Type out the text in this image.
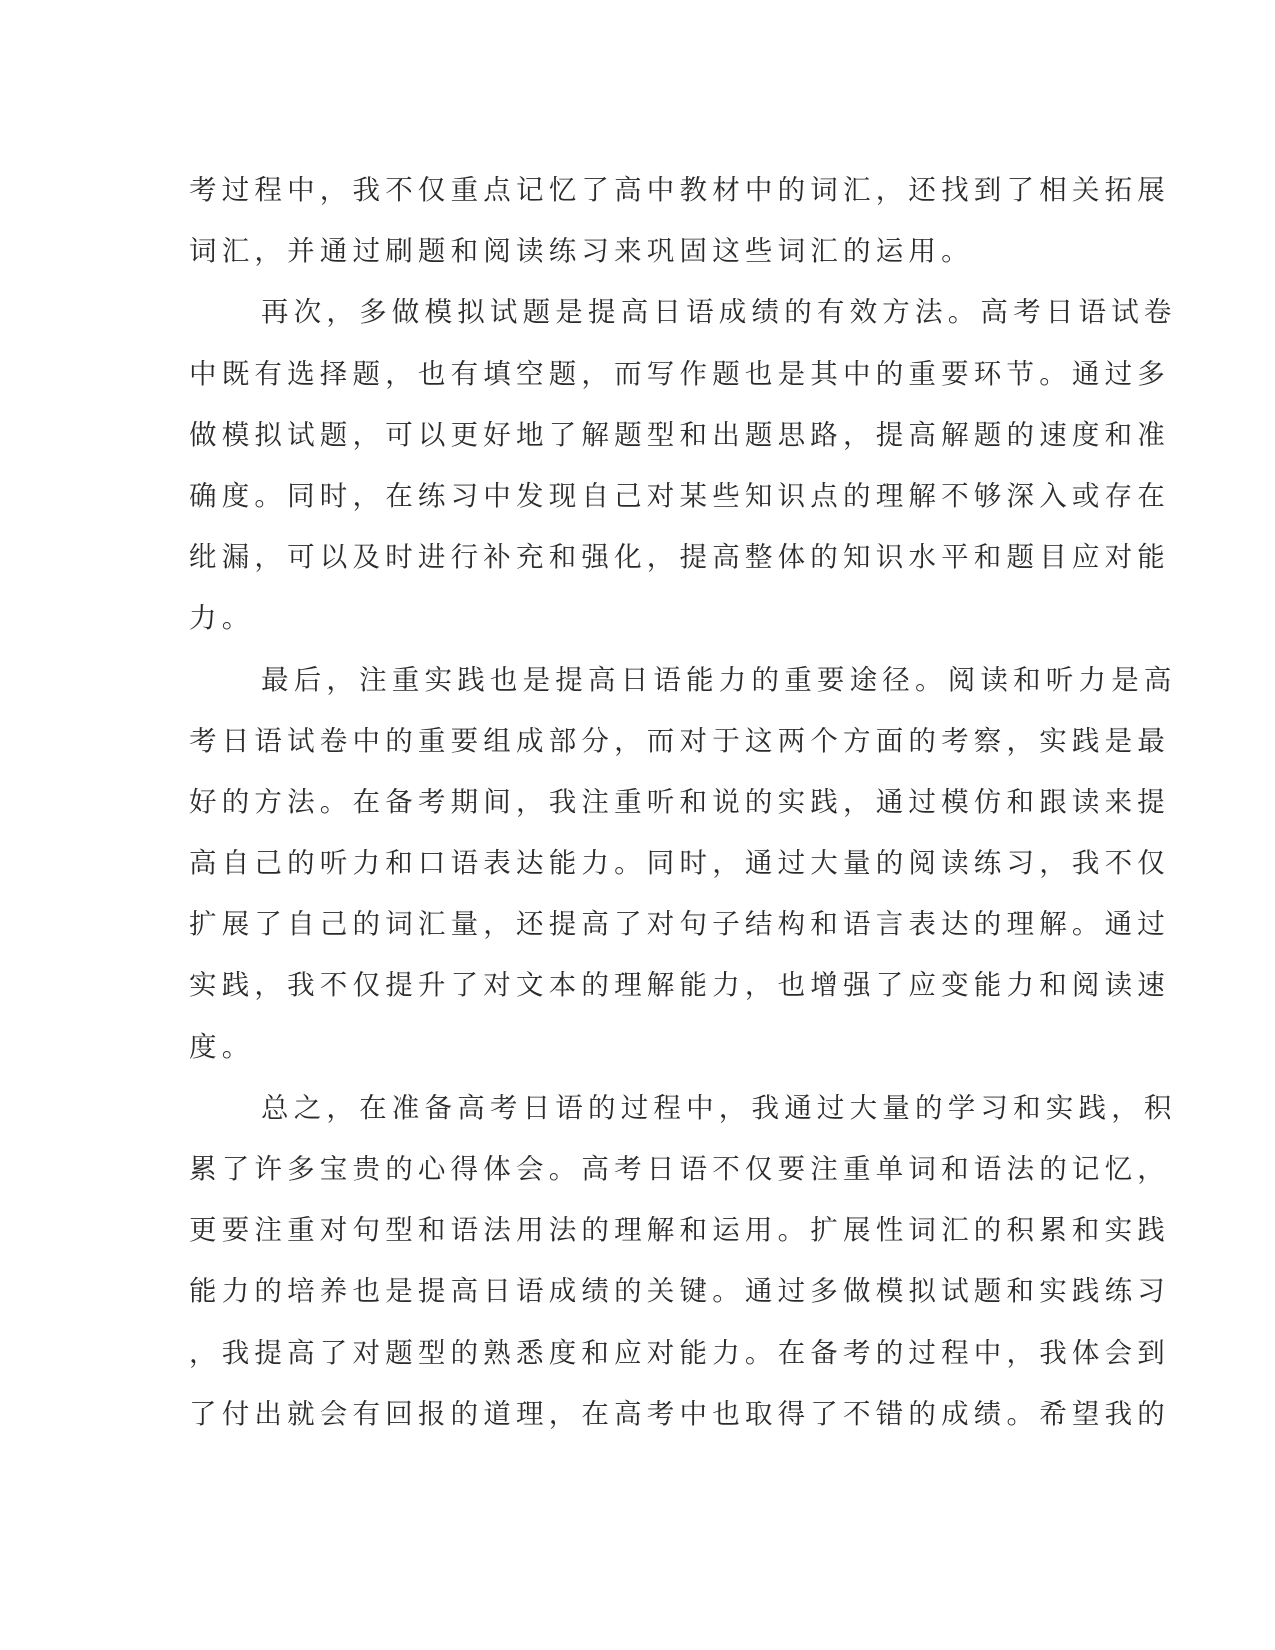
考过程中，我不仅重点记忆了高中教材中的词汇，还找到了相关拓展
词汇，并通过刷题和阅读练习来巩固这些词汇的运用。
再次，多做模拟试题是提高日语成绩的有效方法。高考日语试卷
中既有选择题，也有填空题，而写作题也是其中的重要环节。通过多
做模拟试题，可以更好地了解题型和出题思路，提高解题的速度和准
确度。同时，在练习中发现自己对某些知识点的理解不够深入或存在
纰漏，可以及时进行补充和强化，提高整体的知识水平和题目应对能
力。
最后，注重实践也是提高日语能力的重要途径。阅读和听力是高
考日语试卷中的重要组成部分，而对于这两个方面的考察，实践是最
好的方法。在备考期间，我注重听和说的实践，通过模仿和跟读来提
高自己的听力和口语表达能力。同时，通过大量的阅读练习，我不仅
扩展了自己的词汇量，还提高了对句子结构和语言表达的理解。通过
实践，我不仅提升了对文本的理解能力，也增强了应变能力和阅读速
度。
总之，在准备高考日语的过程中，我通过大量的学习和实践，积
累了许多宝贵的心得体会。高考日语不仅要注重单词和语法的记忆，
更要注重对句型和语法用法的理解和运用。扩展性词汇的积累和实践
能力的培养也是提高日语成绩的关键。通过多做模拟试题和实践练习
，我提高了对题型的熟悉度和应对能力。在备考的过程中，我体会到
了付出就会有回报的道理，在高考中也取得了不错的成绩。希望我的
